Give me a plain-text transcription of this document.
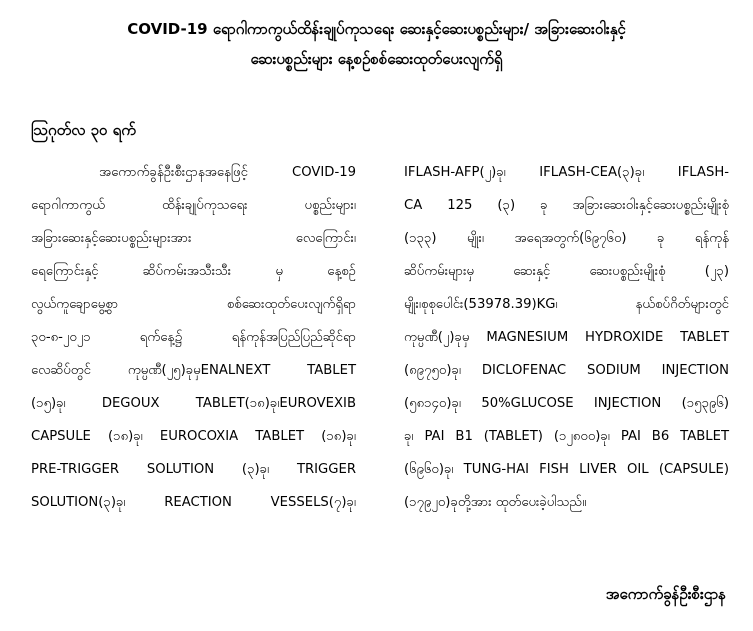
COVID-19 ရောဂါကာကွယ်ထိန်းချုပ်ကုသရေး ဆေးနှင့်ဆေးပစ္စည်းများ/ အခြားဆေးဝါးနှင့်
ဆေးပစ္စည်းများ နေ့စဉ်စစ်ဆေးထုတ်ပေးလျက်ရှိ
ဩဂုတ်လ ၃၀ ရက်
အကောက်ခွန်ဦးစီးဌာနအနေဖြင့် COVID-19
ရောဂါကာကွယ် ထိန်းချုပ်ကုသရေး ပစ္စည်းများ၊
အခြားဆေးနှင့်ဆေးပစ္စည်းများအား လေကြောင်း၊
ရေကြောင်းနှင့် ဆိပ်ကမ်းအသီးသီး မှ နေ့စဉ်
လွယ်ကူချောမွေ့စွာ စစ်ဆေးထုတ်ပေးလျက်ရှိရာ
၃၀-၈-၂၀၂၁ ရက်နေ့၌ ရန်ကုန်အပြည်ပြည်ဆိုင်ရာ
လေဆိပ်တွင် ကုမ္ပဏီ(၂၅)ခုမှENALNEXT TABLET
(၁၅)ခု၊ DEGOUX TABLET(၁၈)ခု၊EUROVEXIB
CAPSULE (၁၈)ခု၊ EUROCOXIA TABLET (၁၈)ခု၊
PRE-TRIGGER SOLUTION (၃)ခု၊ TRIGGER
SOLUTION(၃)ခု၊ REACTION VESSELS(၇)ခု၊
IFLASH-AFP(၂)ခု၊ IFLASH-CEA(၃)ခု၊ IFLASH-
CA 125 (၃) ခု အခြားဆေးဝါးနှင့်ဆေးပစ္စည်းမျိုးစုံ
(၁၃၃) မျိုး၊ အရေအတွက်(၆၉၇၆၀) ခု ရန်ကုန်
ဆိပ်ကမ်းများမှ ဆေးနှင့် ဆေးပစ္စည်းမျိုးစုံ (၂၃)
မျိုး၊စုစုပေါင်း(53978.39)KG၊ နယ်စပ်ဂိတ်များတွင်
ကုမ္ပဏီ(၂)ခုမှ MAGNESIUM HYDROXIDE TABLET
(၈၉၇၅၀)ခု၊ DICLOFENAC SODIUM INJECTION
(၅၈၁၄၀)ခု၊ 50%GLUCOSE INJECTION (၁၅၃၉၆)
ခု၊ PAI B1 (TABLET) (၁၂၈၀၀)ခု၊ PAI B6 TABLET
(၆၉၆၀)ခု၊ TUNG-HAI FISH LIVER OIL (CAPSULE)
(၁၇၉၂၀)ခုတို့အား ထုတ်ပေးခဲ့ပါသည်။
အကောက်ခွန်ဦးစီးဌာန
